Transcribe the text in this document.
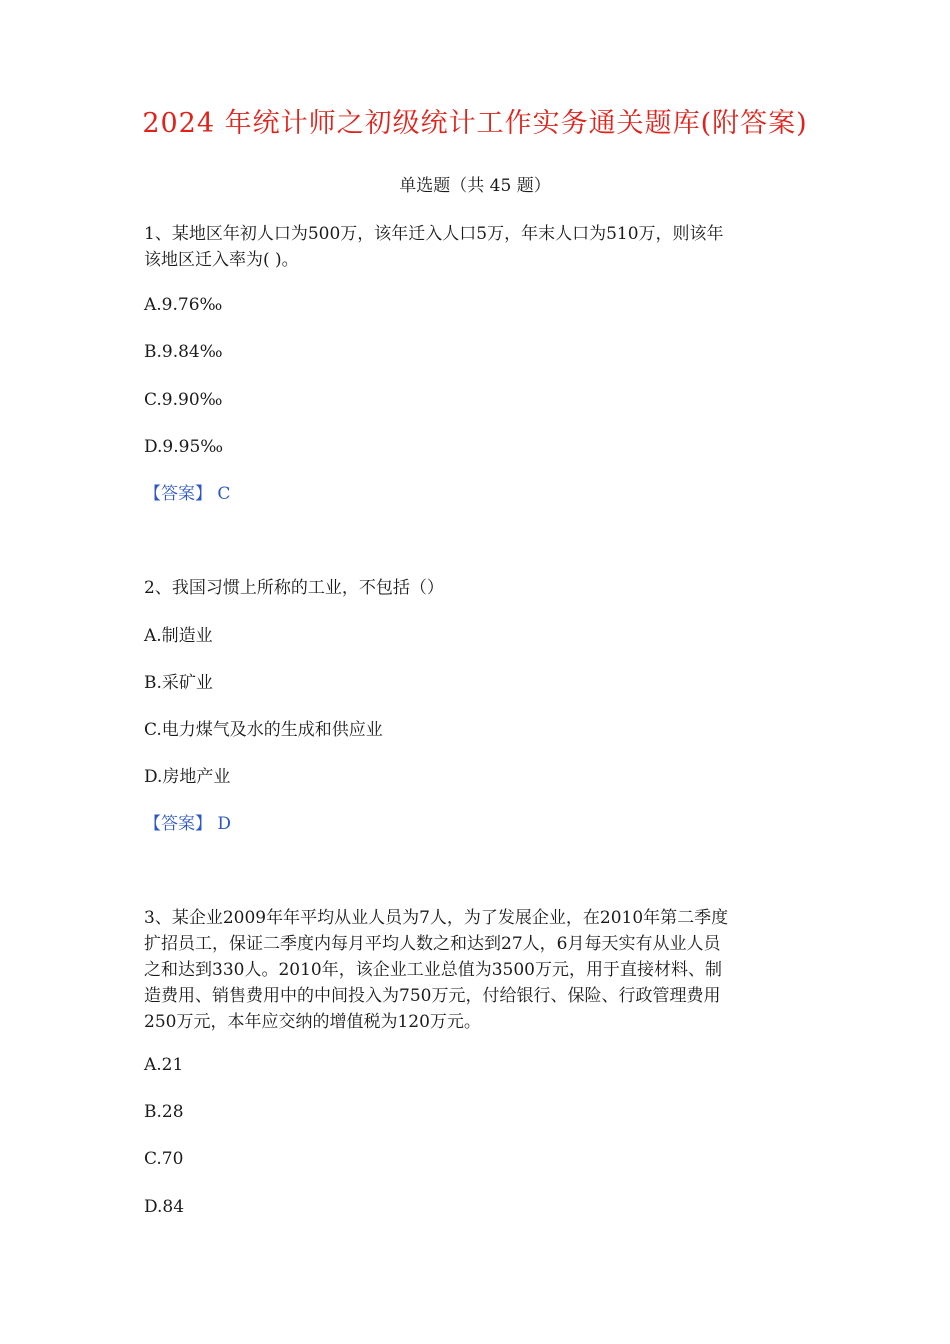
2024 年统计师之初级统计工作实务通关题库(附答案)
单选题（共 45 题）
1、某地区年初人口为500万，该年迁入人口5万，年末人口为510万，则该年
该地区迁入率为( )。
A.9.76‰
B.9.84‰
C.9.90‰
D.9.95‰
【答案】 C
2、我国习惯上所称的工业，不包括（）
A.制造业
B.采矿业
C.电力煤气及水的生成和供应业
D.房地产业
【答案】 D
3、某企业2009年年平均从业人员为7人，为了发展企业，在2010年第二季度
扩招员工，保证二季度内每月平均人数之和达到27人，6月每天实有从业人员
之和达到330人。2010年，该企业工业总值为3500万元，用于直接材料、制
造费用、销售费用中的中间投入为750万元，付给银行、保险、行政管理费用
250万元，本年应交纳的增值税为120万元。
A.21
B.28
C.70
D.84
